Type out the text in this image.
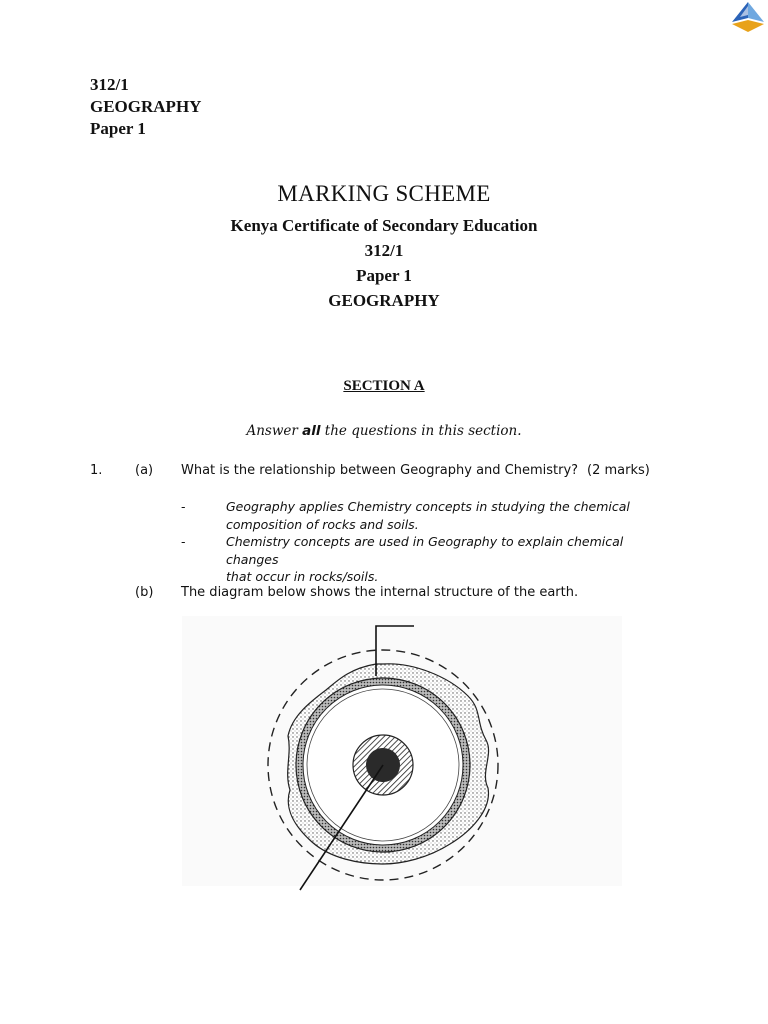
312/1
GEOGRAPHY
Paper 1
MARKING SCHEME
Kenya Certificate of Secondary Education
312/1
Paper 1
GEOGRAPHY
SECTION A
Answer all the questions in this section.
1.	(a) What is the relationship between Geography and Chemistry? (2 marks)
-	Geography applies Chemistry concepts in studying the chemical
composition of rocks and soils.
-	Chemistry concepts are used in Geography to explain chemical changes
that occur in rocks/soils.
(b) The diagram below shows the internal structure of the earth.
